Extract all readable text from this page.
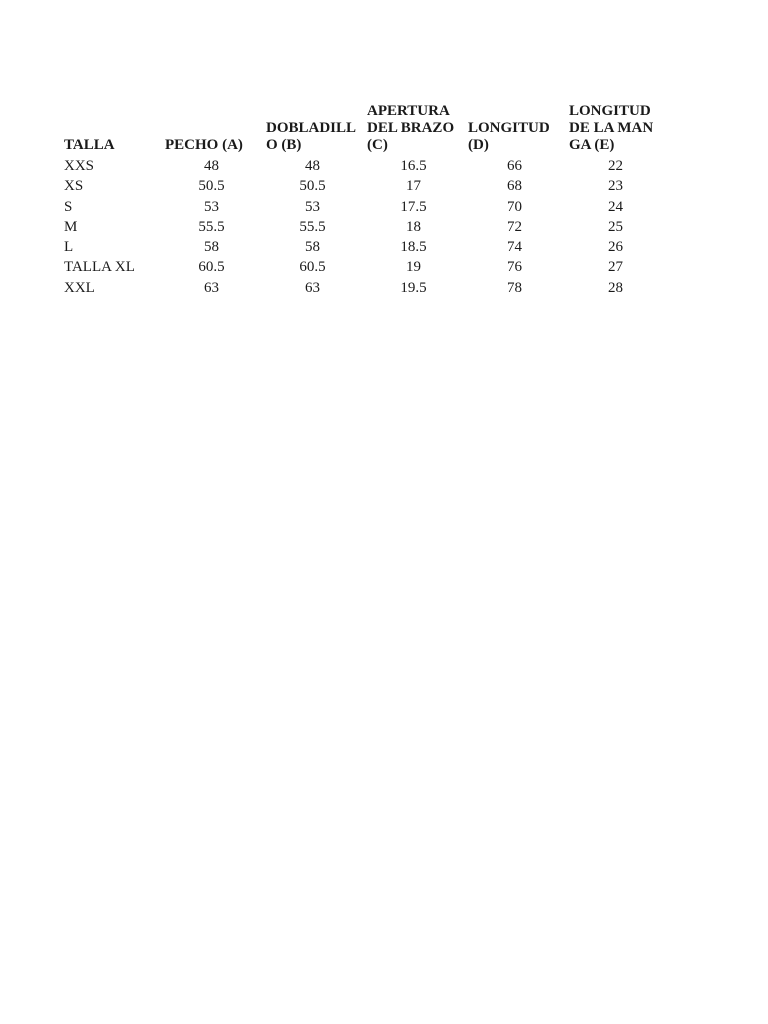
TALLA	PECHO (A)	DOBLADILLO (B)	APERTURA DEL BRAZO (C)	LONGITUD (D)	LONGITUD DE LA MANGA (E)
XXS	48	48	16.5	66	22
XS	50.5	50.5	17	68	23
S	53	53	17.5	70	24
M	55.5	55.5	18	72	25
L	58	58	18.5	74	26
TALLA XL	60.5	60.5	19	76	27
XXL	63	63	19.5	78	28
